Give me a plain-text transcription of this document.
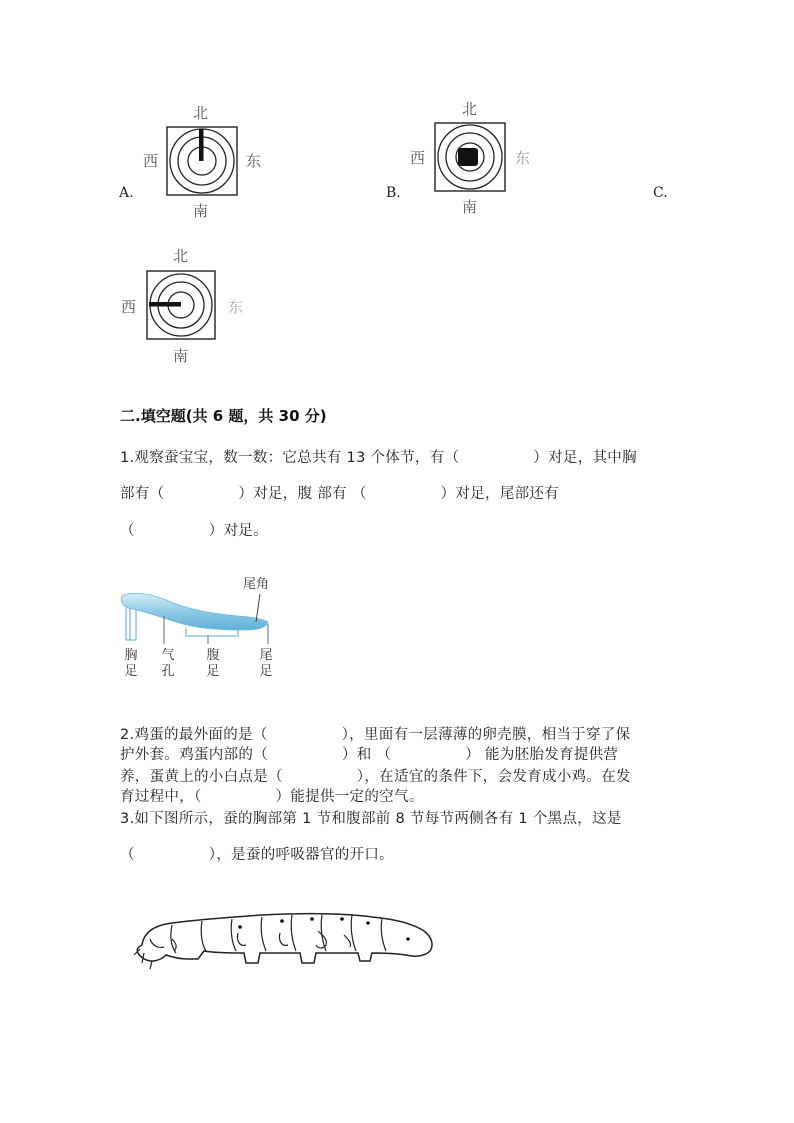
北
西	东
南
A.
北
西	东
南
B.	C.
北
西	东
南
二.填空题(共 6 题，共 30 分)
1.观察蚕宝宝，数一数：它总共有 13 个体节，有（　　　　　）对足，其中胸
部有（　　　　　）对足，腹 部有 （　　　　　）对足，尾部还有
（　　　　　）对足。
尾角
胸足
气孔
腹足
尾足
2.鸡蛋的最外面的是（　　　　　），里面有一层薄薄的卵壳膜，相当于穿了保
护外套。鸡蛋内部的（　　　　　）和 （　　　　　） 能为胚胎发育提供营
养，蛋黄上的小白点是（　　　　　），在适宜的条件下，会发育成小鸡。在发
育过程中，（　　　　　）能提供一定的空气。
3.如下图所示，蚕的胸部第 1 节和腹部前 8 节每节两侧各有 1 个黑点，这是
（　　　　　），是蚕的呼吸器官的开口。
